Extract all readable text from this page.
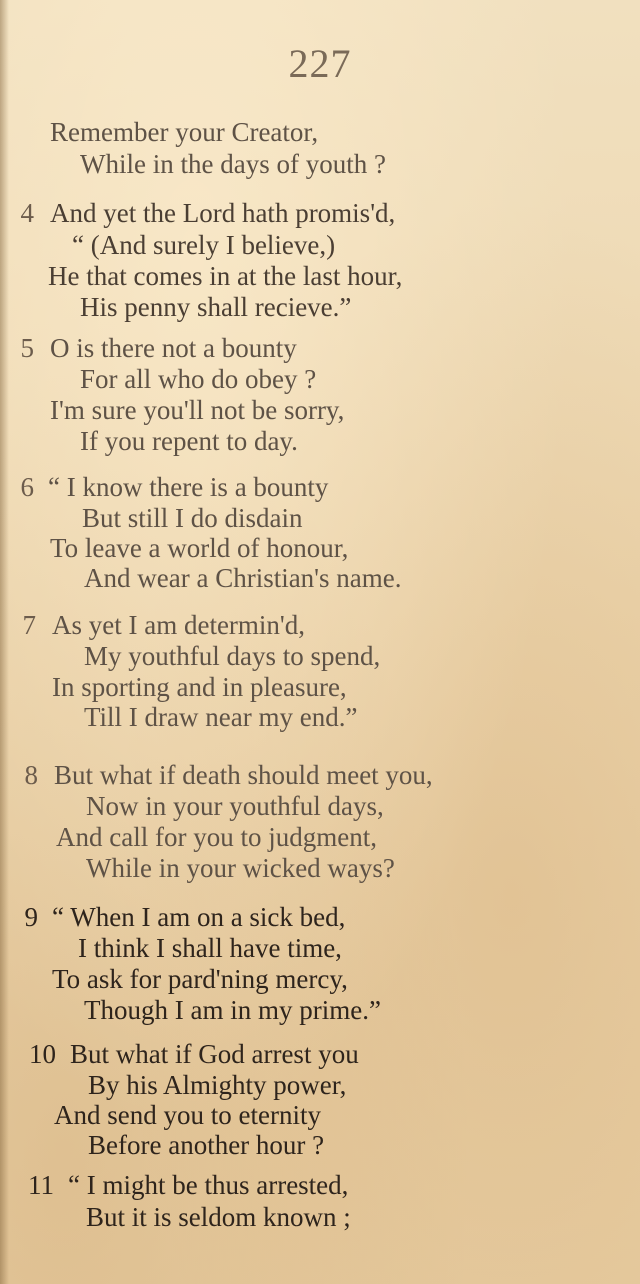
227
Remember your Creator,
While in the days of youth ?
4 And yet the Lord hath promis'd,
“ (And surely I believe,)
He that comes in at the last hour,
His penny shall recieve.”
5 O is there not a bounty
For all who do obey ?
I'm sure you'll not be sorry,
If you repent to day.
6 “ I know there is a bounty
But still I do disdain
To leave a world of honour,
And wear a Christian's name.
7 As yet I am determin'd,
My youthful days to spend,
In sporting and in pleasure,
Till I draw near my end.”
8 But what if death should meet you,
Now in your youthful days,
And call for you to judgment,
While in your wicked ways?
9 “ When I am on a sick bed,
I think I shall have time,
To ask for pard'ning mercy,
Though I am in my prime.”
10 But what if God arrest you
By his Almighty power,
And send you to eternity
Before another hour ?
11 “ I might be thus arrested,
But it is seldom known ;
